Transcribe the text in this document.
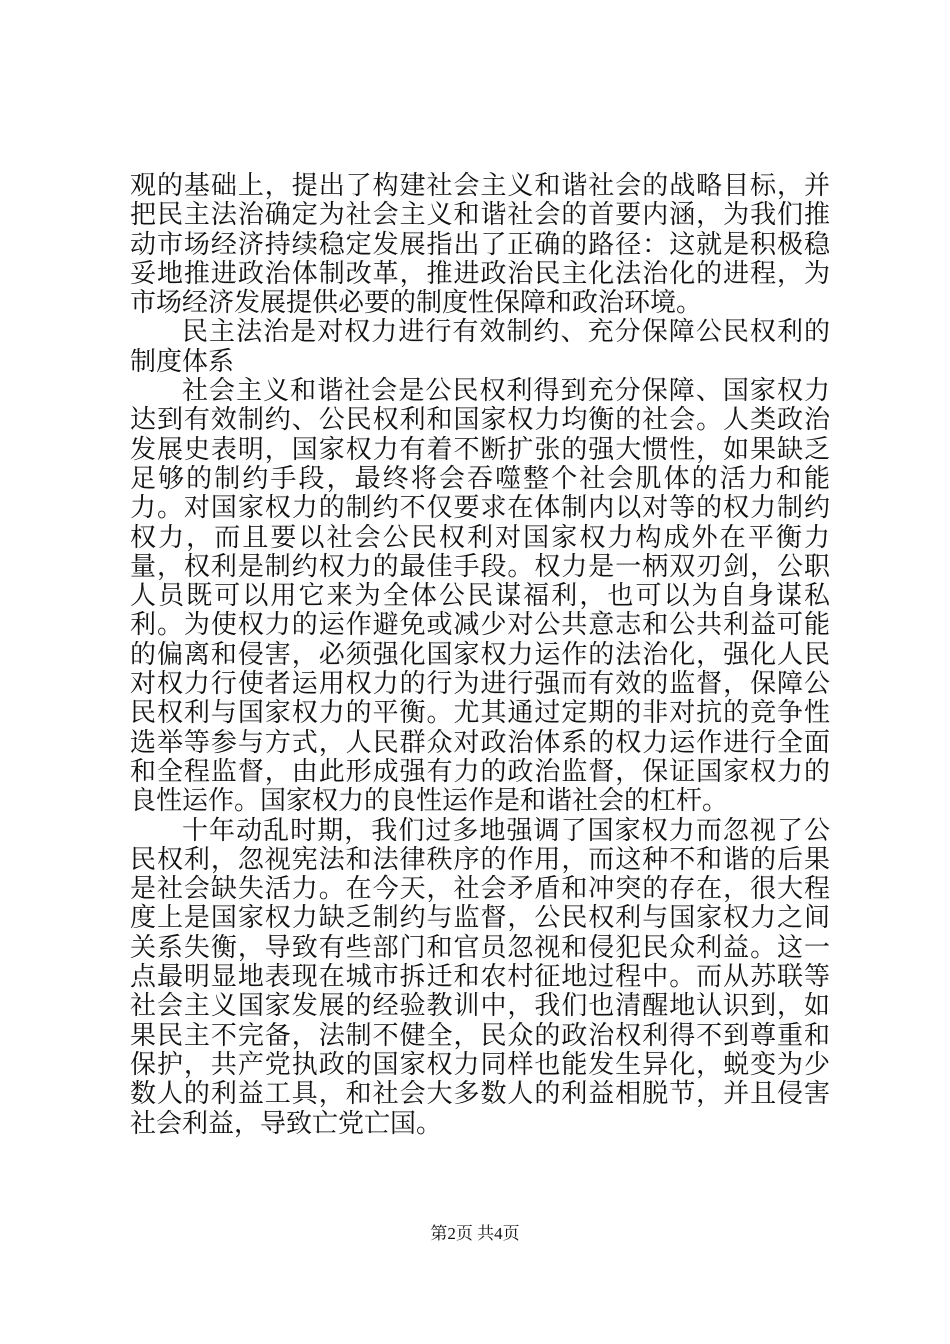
观的基础上，提出了构建社会主义和谐社会的战略目标，并把民主法治确定为社会主义和谐社会的首要内涵，为我们推动市场经济持续稳定发展指出了正确的路径：这就是积极稳妥地推进政治体制改革，推进政治民主化法治化的进程，为市场经济发展提供必要的制度性保障和政治环境。

民主法治是对权力进行有效制约、充分保障公民权利的制度体系

社会主义和谐社会是公民权利得到充分保障、国家权力达到有效制约、公民权利和国家权力均衡的社会。人类政治发展史表明，国家权力有着不断扩张的强大惯性，如果缺乏足够的制约手段，最终将会吞噬整个社会肌体的活力和能力。对国家权力的制约不仅要求在体制内以对等的权力制约权力，而且要以社会公民权利对国家权力构成外在平衡力量，权利是制约权力的最佳手段。权力是一柄双刃剑，公职人员既可以用它来为全体公民谋福利，也可以为自身谋私利。为使权力的运作避免或减少对公共意志和公共利益可能的偏离和侵害，必须强化国家权力运作的法治化，强化人民对权力行使者运用权力的行为进行强而有效的监督，保障公民权利与国家权力的平衡。尤其通过定期的非对抗的竞争性选举等参与方式，人民群众对政治体系的权力运作进行全面和全程监督，由此形成强有力的政治监督，保证国家权力的良性运作。国家权力的良性运作是和谐社会的杠杆。

十年动乱时期，我们过多地强调了国家权力而忽视了公民权利，忽视宪法和法律秩序的作用，而这种不和谐的后果是社会缺失活力。在今天，社会矛盾和冲突的存在，很大程度上是国家权力缺乏制约与监督，公民权利与国家权力之间关系失衡，导致有些部门和官员忽视和侵犯民众利益。这一点最明显地表现在城市拆迁和农村征地过程中。而从苏联等社会主义国家发展的经验教训中，我们也清醒地认识到，如果民主不完备，法制不健全，民众的政治权利得不到尊重和保护，共产党执政的国家权力同样也能发生异化，蜕变为少数人的利益工具，和社会大多数人的利益相脱节，并且侵害社会利益，导致亡党亡国。

第2页 共4页
